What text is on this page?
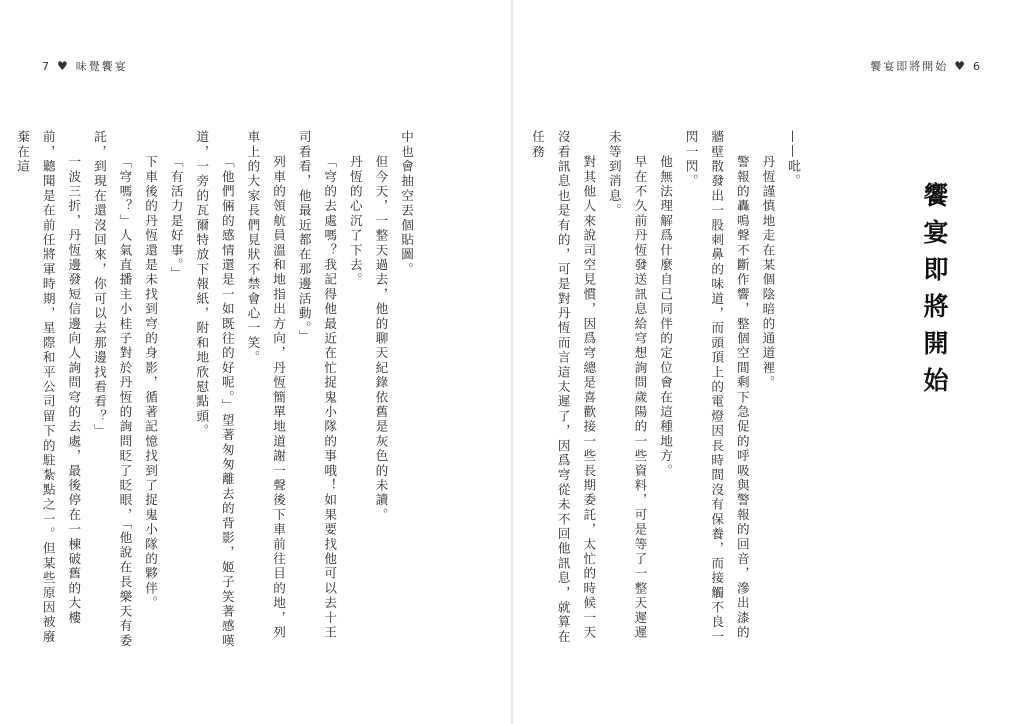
7 ♥ 味覺饗宴	饗宴即將開始 ♥ 6
饗宴即將開始

——吡。

丹恆謹慎地走在某個陰暗的通道裡。

警報的轟鳴聲不斷作響，整個空間剩下急促的呼吸與警報的回音，滲出漆的牆壁散發出一股刺鼻的味道，而頭頂上的電燈因長時間沒有保養，而接觸不良一閃一閃。

他無法理解爲什麼自己同伴的定位會在這種地方。

早在不久前丹恆發送訊息給穹想詢問歲陽的一些資料，可是等了一整天遲遲未等到消息。

對其他人來說司空見慣，因爲穹總是喜歡接一些長期委託，太忙的時候一天沒看訊息也是有的，可是對丹恆而言這太遲了，因爲穹從未不回他訊息，就算在任務

中也會抽空丟個貼圖。

但今天，一整天過去，他的聊天紀錄依舊是灰色的未讀。

丹恆的心沉了下去。

「穹的去處嗎？我記得他最近在忙捉鬼小隊的事哦！如果要找他可以去十王司看看，他最近都在那邊活動。」

列車的領航員溫和地指出方向，丹恆簡單地道謝一聲後下車前往目的地，列車上的大家長們見狀不禁會心一笑。

「他們倆的感情還是一如既往的好呢。」望著匆匆離去的背影，姬子笑著感嘆道，一旁的瓦爾特放下報紙，附和地欣慰點頭。

「有活力是好事。」

下車後的丹恆還是未找到穹的身影，循著記憶找到了捉鬼小隊的夥伴。

「穹嗎？」人氣直播主小桂子對於丹恆的詢問眨了眨眼，「他說在長樂天有委託，到現在還沒回來，你可以去那邊找看看？」

一波三折，丹恆邊發短信邊向人詢問穹的去處，最後停在一棟破舊的大樓前，聽聞是在前任將軍時期，星際和平公司留下的駐紮點之一。但某些原因被廢棄在這
